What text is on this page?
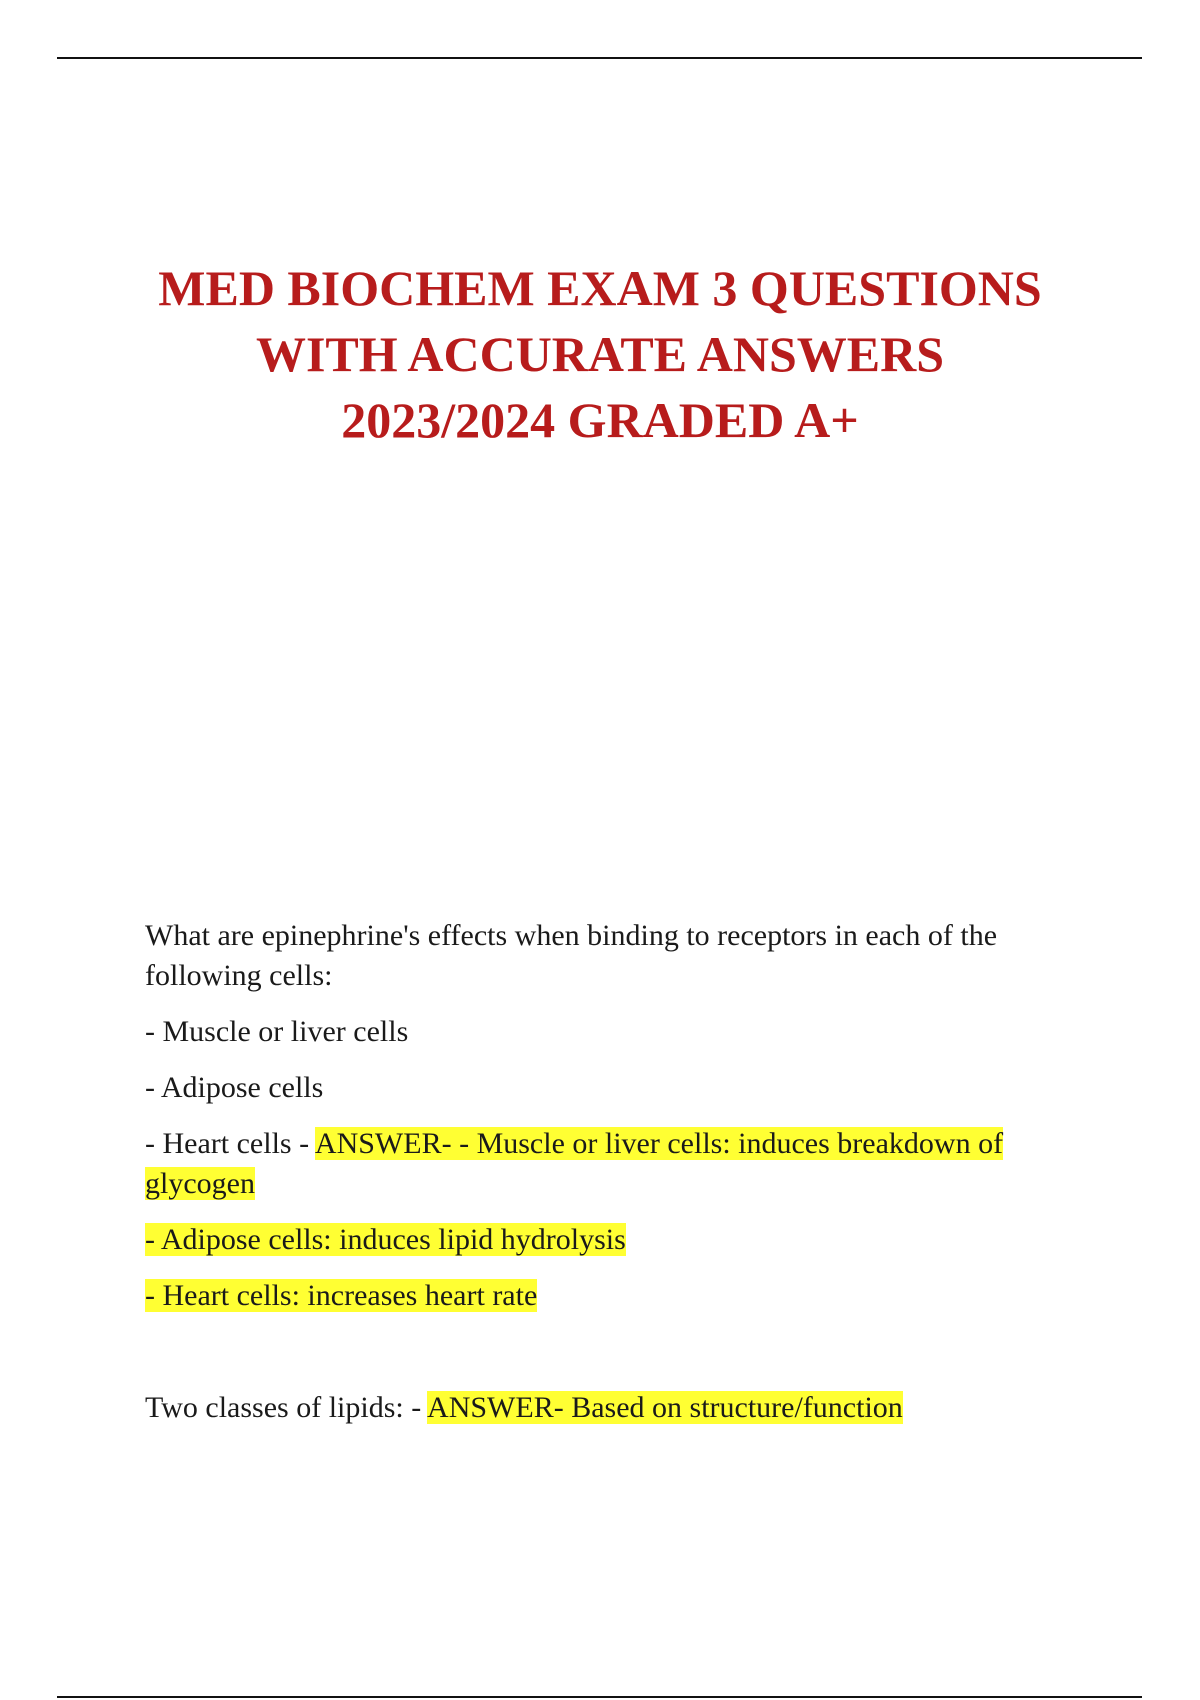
MED BIOCHEM EXAM 3 QUESTIONS
WITH ACCURATE ANSWERS
2023/2024 GRADED A+

What are epinephrine's effects when binding to receptors in each of the following cells:

- Muscle or liver cells

- Adipose cells

- Heart cells - ANSWER- - Muscle or liver cells: induces breakdown of glycogen

- Adipose cells: induces lipid hydrolysis

- Heart cells: increases heart rate

Two classes of lipids: - ANSWER- Based on structure/function
